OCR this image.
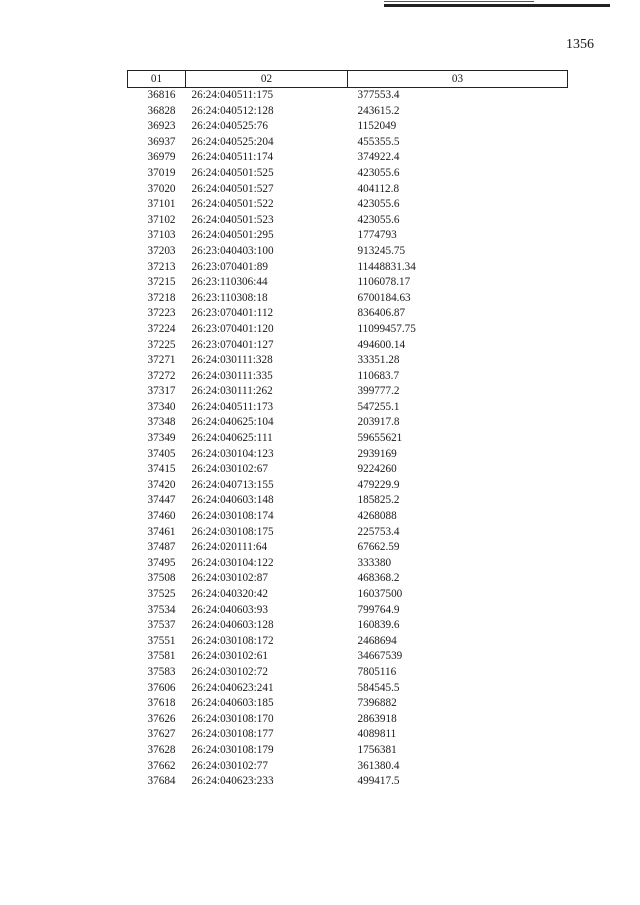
1356
01	02	03
36816	26:24:040511:175	377553.4
36828	26:24:040512:128	243615.2
36923	26:24:040525:76	1152049
36937	26:24:040525:204	455355.5
36979	26:24:040511:174	374922.4
37019	26:24:040501:525	423055.6
37020	26:24:040501:527	404112.8
37101	26:24:040501:522	423055.6
37102	26:24:040501:523	423055.6
37103	26:24:040501:295	1774793
37203	26:23:040403:100	913245.75
37213	26:23:070401:89	11448831.34
37215	26:23:110306:44	1106078.17
37218	26:23:110308:18	6700184.63
37223	26:23:070401:112	836406.87
37224	26:23:070401:120	11099457.75
37225	26:23:070401:127	494600.14
37271	26:24:030111:328	33351.28
37272	26:24:030111:335	110683.7
37317	26:24:030111:262	399777.2
37340	26:24:040511:173	547255.1
37348	26:24:040625:104	203917.8
37349	26:24:040625:111	59655621
37405	26:24:030104:123	2939169
37415	26:24:030102:67	9224260
37420	26:24:040713:155	479229.9
37447	26:24:040603:148	185825.2
37460	26:24:030108:174	4268088
37461	26:24:030108:175	225753.4
37487	26:24:020111:64	67662.59
37495	26:24:030104:122	333380
37508	26:24:030102:87	468368.2
37525	26:24:040320:42	16037500
37534	26:24:040603:93	799764.9
37537	26:24:040603:128	160839.6
37551	26:24:030108:172	2468694
37581	26:24:030102:61	34667539
37583	26:24:030102:72	7805116
37606	26:24:040623:241	584545.5
37618	26:24:040603:185	7396882
37626	26:24:030108:170	2863918
37627	26:24:030108:177	4089811
37628	26:24:030108:179	1756381
37662	26:24:030102:77	361380.4
37684	26:24:040623:233	499417.5
